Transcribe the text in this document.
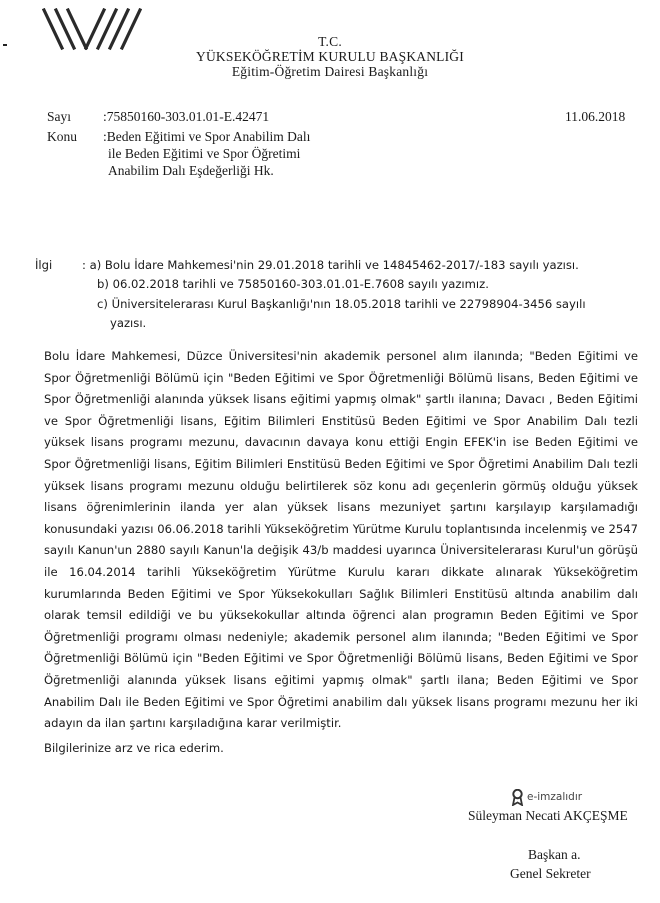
T.C.
YÜKSEKÖĞRETİM KURULU BAŞKANLIĞI
Eğitim-Öğretim Dairesi Başkanlığı
Sayı :75850160-303.01.01-E.42471	11.06.2018
Konu :Beden Eğitimi ve Spor Anabilim Dalı
ile Beden Eğitimi ve Spor Öğretimi
Anabilim Dalı Eşdeğerliği Hk.
İlgi	: a) Bolu İdare Mahkemesi'nin 29.01.2018 tarihli ve 14845462-2017/-183 sayılı yazısı.
b) 06.02.2018 tarihli ve 75850160-303.01.01-E.7608 sayılı yazımız.
c) Üniversitelerarası Kurul Başkanlığı'nın 18.05.2018 tarihli ve 22798904-3456 sayılı
yazısı.

Bolu İdare Mahkemesi, Düzce Üniversitesi'nin akademik personel alım ilanında; "Beden Eğitimi ve Spor Öğretmenliği Bölümü için "Beden Eğitimi ve Spor Öğretmenliği Bölümü lisans, Beden Eğitimi ve Spor Öğretmenliği alanında yüksek lisans eğitimi yapmış olmak" şartlı ilanına; Davacı , Beden Eğitimi ve Spor Öğretmenliği lisans, Eğitim Bilimleri Enstitüsü Beden Eğitimi ve Spor Anabilim Dalı tezli yüksek lisans programı mezunu, davacının davaya konu ettiği Engin EFEK'in ise Beden Eğitimi ve Spor Öğretmenliği lisans, Eğitim Bilimleri Enstitüsü Beden Eğitimi ve Spor Öğretimi Anabilim Dalı tezli yüksek lisans programı mezunu olduğu belirtilerek söz konu adı geçenlerin görmüş olduğu yüksek lisans öğrenimlerinin ilanda yer alan yüksek lisans mezuniyet şartını karşılayıp karşılamadığı konusundaki yazısı 06.06.2018 tarihli Yükseköğretim Yürütme Kurulu toplantısında incelenmiş ve 2547 sayılı Kanun'un 2880 sayılı Kanun'la değişik 43/b maddesi uyarınca Üniversitelerarası Kurul'un görüşü ile 16.04.2014 tarihli Yükseköğretim Yürütme Kurulu kararı dikkate alınarak Yükseköğretim kurumlarında Beden Eğitimi ve Spor Yüksekokulları Sağlık Bilimleri Enstitüsü altında anabilim dalı olarak temsil edildiği ve bu yüksekokullar altında öğrenci alan programın Beden Eğitimi ve Spor Öğretmenliği programı olması nedeniyle; akademik personel alım ilanında; "Beden Eğitimi ve Spor Öğretmenliği Bölümü için "Beden Eğitimi ve Spor Öğretmenliği Bölümü lisans, Beden Eğitimi ve Spor Öğretmenliği alanında yüksek lisans eğitimi yapmış olmak" şartlı ilana; Beden Eğitimi ve Spor Anabilim Dalı ile Beden Eğitimi ve Spor Öğretimi anabilim dalı yüksek lisans programı mezunu her iki adayın da ilan şartını karşıladığına karar verilmiştir.

Bilgilerinize arz ve rica ederim.
e-imzalıdır
Süleyman Necati AKÇEŞME
Başkan a.
Genel Sekreter
